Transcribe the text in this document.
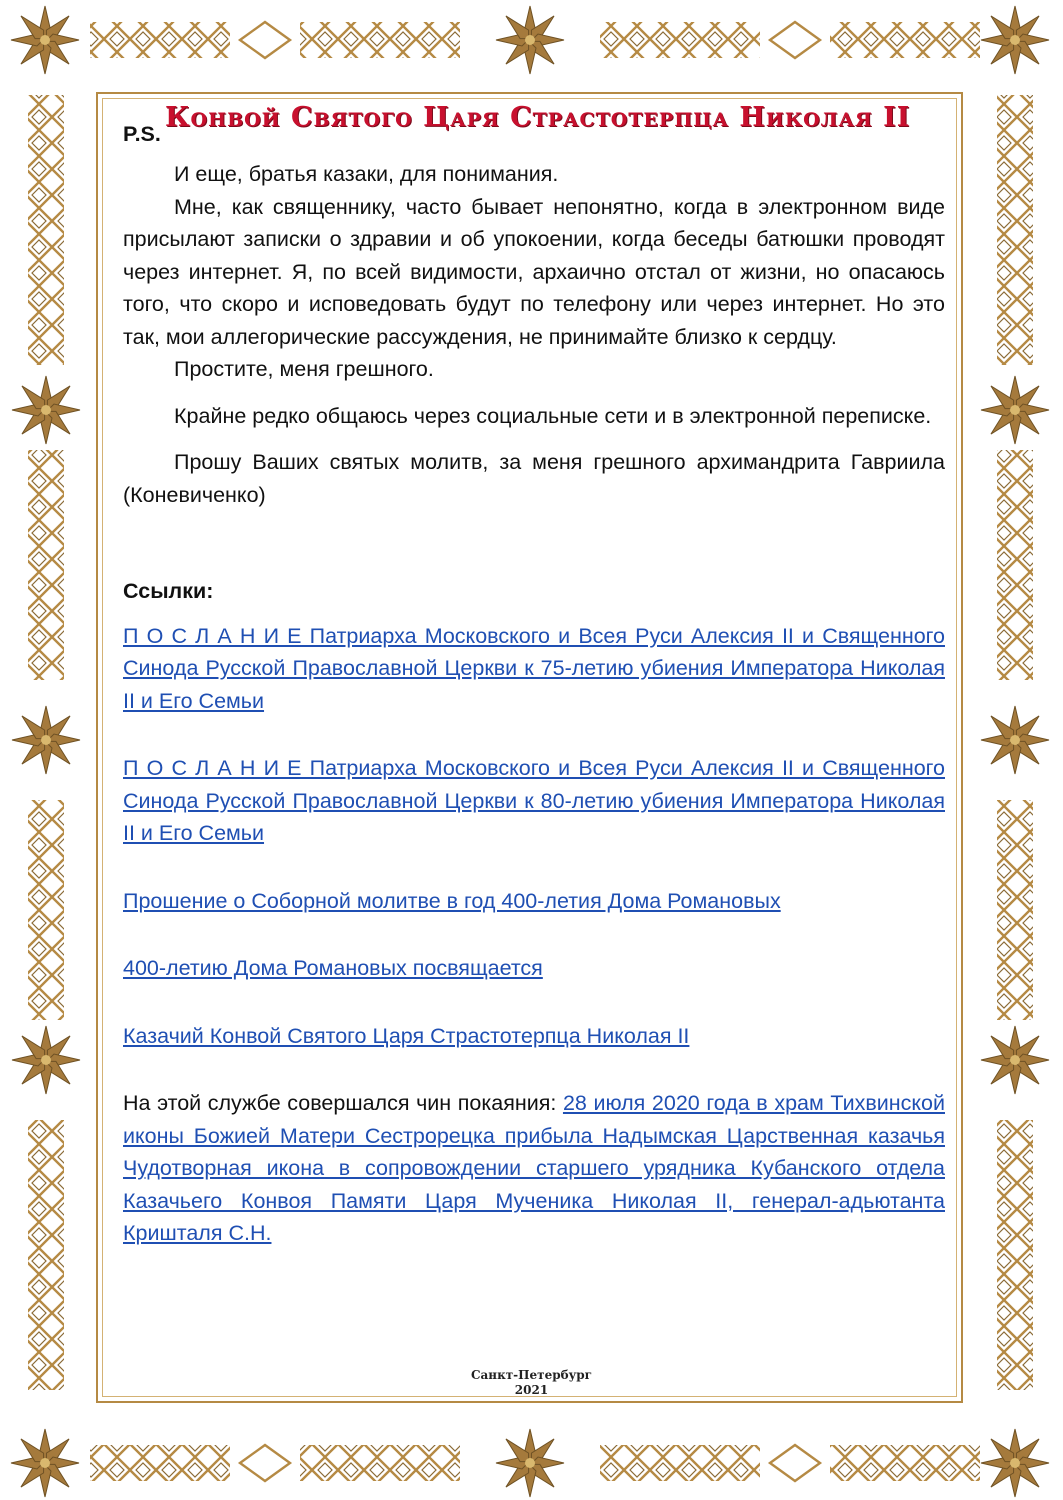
P.S.
Конвой Святого Царя Страстотерпца Николая II

И еще, братья казаки, для понимания.

Мне, как священнику, часто бывает непонятно, когда в электронном виде присылают записки о здравии и об упокоении, когда беседы батюшки проводят через интернет. Я, по всей видимости, архаично отстал от жизни, но опасаюсь того, что скоро и исповедовать будут по телефону или через интернет. Но это так, мои аллегорические рассуждения, не принимайте близко к сердцу.

Простите, меня грешного.

Крайне редко общаюсь через социальные сети и в электронной переписке.

Прошу Ваших святых молитв, за меня грешного архимандрита Гавриила (Коневиченко)

Ссылки:
П О С Л А Н И Е Патриарха Московского и Всея Руси Алексия II и Священного Синода Русской Православной Церкви к 75-летию убиения Императора Николая II и Его Семьи
П О С Л А Н И Е Патриарха Московского и Всея Руси Алексия II и Священного Синода Русской Православной Церкви к 80-летию убиения Императора Николая II и Его Семьи
Прошение о Соборной молитве в год 400-летия Дома Романовых
400-летию Дома Романовых посвящается
Казачий Конвой Святого Царя Страстотерпца Николая II

На этой службе совершался чин покаяния: 28 июля 2020 года в храм Тихвинской иконы Божией Матери Сестрорецка прибыла Надымская Царственная казачья Чудотворная икона в сопровождении старшего урядника Кубанского отдела Казачьего Конвоя Памяти Царя Мученика Николая II, генерал-адьютанта Кришталя С.Н.

Санкт-Петербург
2021
